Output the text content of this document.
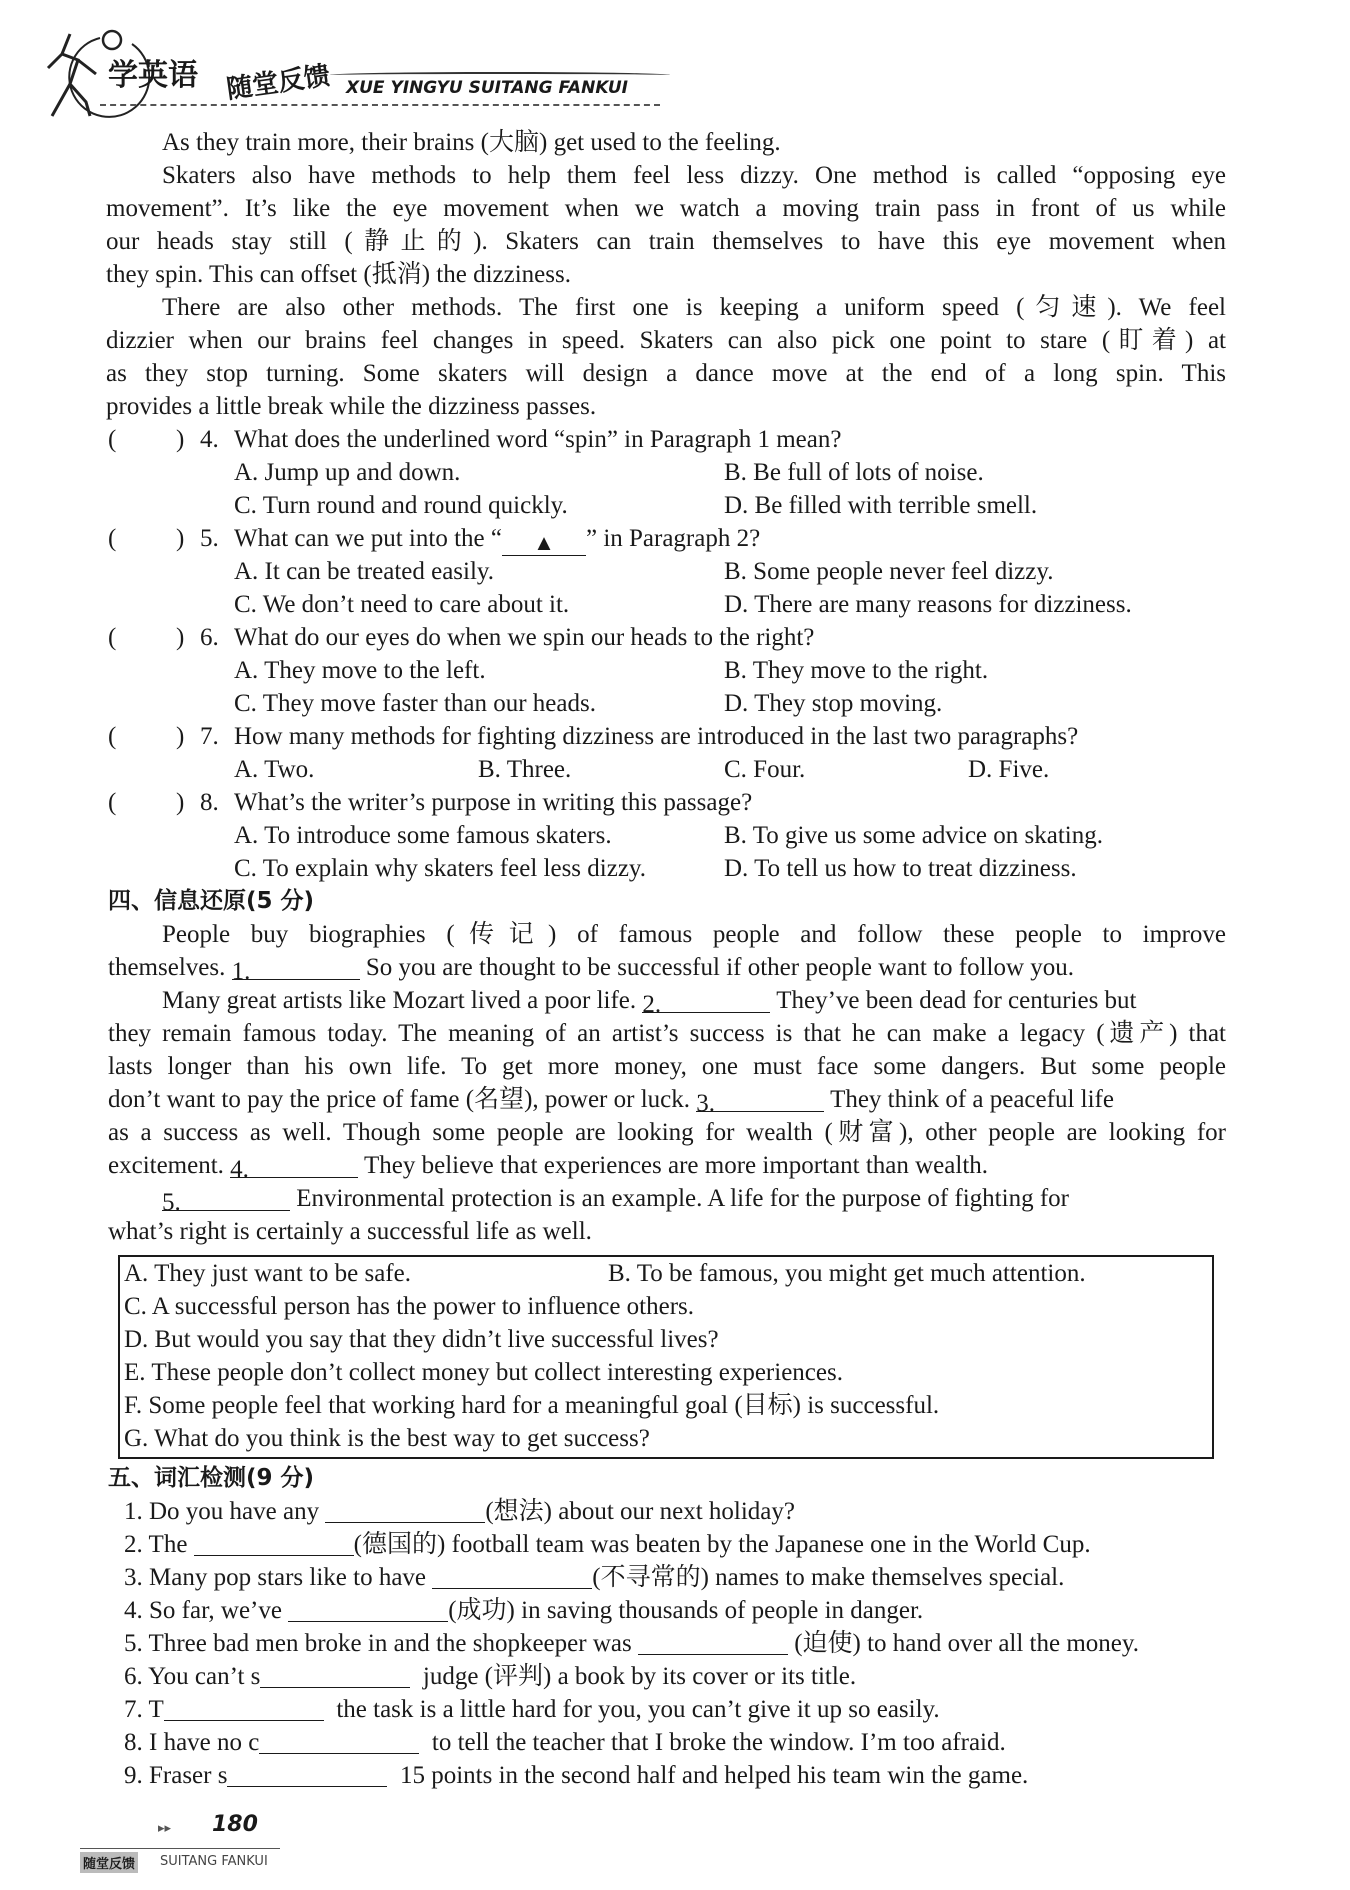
学英语 随堂反馈 XUE YINGYU SUITANG FANKUI
As they train more, their brains (大脑) get used to the feeling.
Skaters also have methods to help them feel less dizzy. One method is called “opposing eye
movement”. It’s like the eye movement when we watch a moving train pass in front of us while
our heads stay still (静止的). Skaters can train themselves to have this eye movement when
they spin. This can offset (抵消) the dizziness.
There are also other methods. The first one is keeping a uniform speed (匀速). We feel
dizzier when our brains feel changes in speed. Skaters can also pick one point to stare (盯着) at
as they stop turning. Some skaters will design a dance move at the end of a long spin. This
provides a little break while the dizziness passes.
( ) 4. What does the underlined word “spin” in Paragraph 1 mean?
A. Jump up and down.	B. Be full of lots of noise.
C. Turn round and round quickly.	D. Be filled with terrible smell.
( ) 5. What can we put into the “ ▲ ” in Paragraph 2?
A. It can be treated easily.	B. Some people never feel dizzy.
C. We don’t need to care about it.	D. There are many reasons for dizziness.
( ) 6. What do our eyes do when we spin our heads to the right?
A. They move to the left.	B. They move to the right.
C. They move faster than our heads.	D. They stop moving.
( ) 7. How many methods for fighting dizziness are introduced in the last two paragraphs?
A. Two.	B. Three.	C. Four.	D. Five.
( ) 8. What’s the writer’s purpose in writing this passage?
A. To introduce some famous skaters.	B. To give us some advice on skating.
C. To explain why skaters feel less dizzy.	D. To tell us how to treat dizziness.
四、信息还原(5 分)
People buy biographies (传记) of famous people and follow these people to improve
themselves. 1.	So you are thought to be successful if other people want to follow you.
Many great artists like Mozart lived a poor life. 2.	They’ve been dead for centuries but
they remain famous today. The meaning of an artist’s success is that he can make a legacy (遗产) that
lasts longer than his own life. To get more money, one must face some dangers. But some people
don’t want to pay the price of fame (名望), power or luck. 3.	They think of a peaceful life
as a success as well. Though some people are looking for wealth (财富), other people are looking for
excitement. 4.	They believe that experiences are more important than wealth.
5.	Environmental protection is an example. A life for the purpose of fighting for
what’s right is certainly a successful life as well.
A. They just want to be safe.	B. To be famous, you might get much attention.
C. A successful person has the power to influence others.
D. But would you say that they didn’t live successful lives?
E. These people don’t collect money but collect interesting experiences.
F. Some people feel that working hard for a meaningful goal (目标) is successful.
G. What do you think is the best way to get success?
五、词汇检测(9 分)
1. Do you have any	(想法) about our next holiday?
2. The	(德国的) football team was beaten by the Japanese one in the World Cup.
3. Many pop stars like to have	(不寻常的) names to make themselves special.
4. So far, we’ve	(成功) in saving thousands of people in danger.
5. Three bad men broke in and the shopkeeper was	(迫使) to hand over all the money.
6. You can’t s	judge (评判) a book by its cover or its title.
7. T	the task is a little hard for you, you can’t give it up so easily.
8. I have no c	to tell the teacher that I broke the window. I’m too afraid.
9. Fraser s	15 points in the second half and helped his team win the game.
▸▸ 180
随堂反馈 SUITANG FANKUI
